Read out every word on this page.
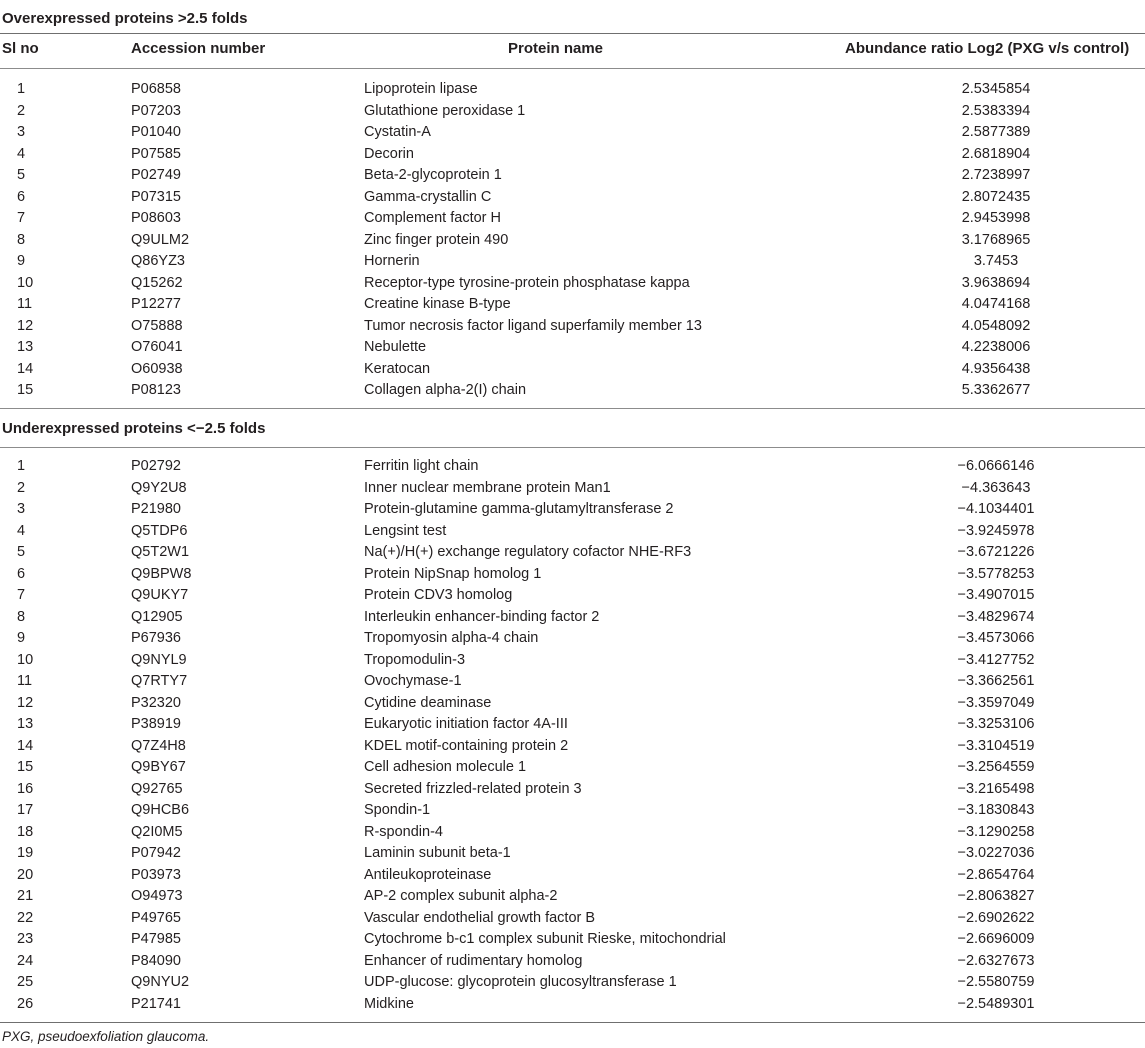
Overexpressed proteins >2.5 folds
Sl no	Accession number	Protein name	Abundance ratio Log2 (PXG v/s control)
1	P06858	Lipoprotein lipase	2.5345854
2	P07203	Glutathione peroxidase 1	2.5383394
3	P01040	Cystatin-A	2.5877389
4	P07585	Decorin	2.6818904
5	P02749	Beta-2-glycoprotein 1	2.7238997
6	P07315	Gamma-crystallin C	2.8072435
7	P08603	Complement factor H	2.9453998
8	Q9ULM2	Zinc finger protein 490	3.1768965
9	Q86YZ3	Hornerin	3.7453
10	Q15262	Receptor-type tyrosine-protein phosphatase kappa	3.9638694
11	P12277	Creatine kinase B-type	4.0474168
12	O75888	Tumor necrosis factor ligand superfamily member 13	4.0548092
13	O76041	Nebulette	4.2238006
14	O60938	Keratocan	4.9356438
15	P08123	Collagen alpha-2(I) chain	5.3362677
Underexpressed proteins <−2.5 folds
1	P02792	Ferritin light chain	−6.0666146
2	Q9Y2U8	Inner nuclear membrane protein Man1	−4.363643
3	P21980	Protein-glutamine gamma-glutamyltransferase 2	−4.1034401
4	Q5TDP6	Lengsint test	−3.9245978
5	Q5T2W1	Na(+)/H(+) exchange regulatory cofactor NHE-RF3	−3.6721226
6	Q9BPW8	Protein NipSnap homolog 1	−3.5778253
7	Q9UKY7	Protein CDV3 homolog	−3.4907015
8	Q12905	Interleukin enhancer-binding factor 2	−3.4829674
9	P67936	Tropomyosin alpha-4 chain	−3.4573066
10	Q9NYL9	Tropomodulin-3	−3.4127752
11	Q7RTY7	Ovochymase-1	−3.3662561
12	P32320	Cytidine deaminase	−3.3597049
13	P38919	Eukaryotic initiation factor 4A-III	−3.3253106
14	Q7Z4H8	KDEL motif-containing protein 2	−3.3104519
15	Q9BY67	Cell adhesion molecule 1	−3.2564559
16	Q92765	Secreted frizzled-related protein 3	−3.2165498
17	Q9HCB6	Spondin-1	−3.1830843
18	Q2I0M5	R-spondin-4	−3.1290258
19	P07942	Laminin subunit beta-1	−3.0227036
20	P03973	Antileukoproteinase	−2.8654764
21	O94973	AP-2 complex subunit alpha-2	−2.8063827
22	P49765	Vascular endothelial growth factor B	−2.6902622
23	P47985	Cytochrome b-c1 complex subunit Rieske, mitochondrial	−2.6696009
24	P84090	Enhancer of rudimentary homolog	−2.6327673
25	Q9NYU2	UDP-glucose: glycoprotein glucosyltransferase 1	−2.5580759
26	P21741	Midkine	−2.5489301
PXG, pseudoexfoliation glaucoma.
